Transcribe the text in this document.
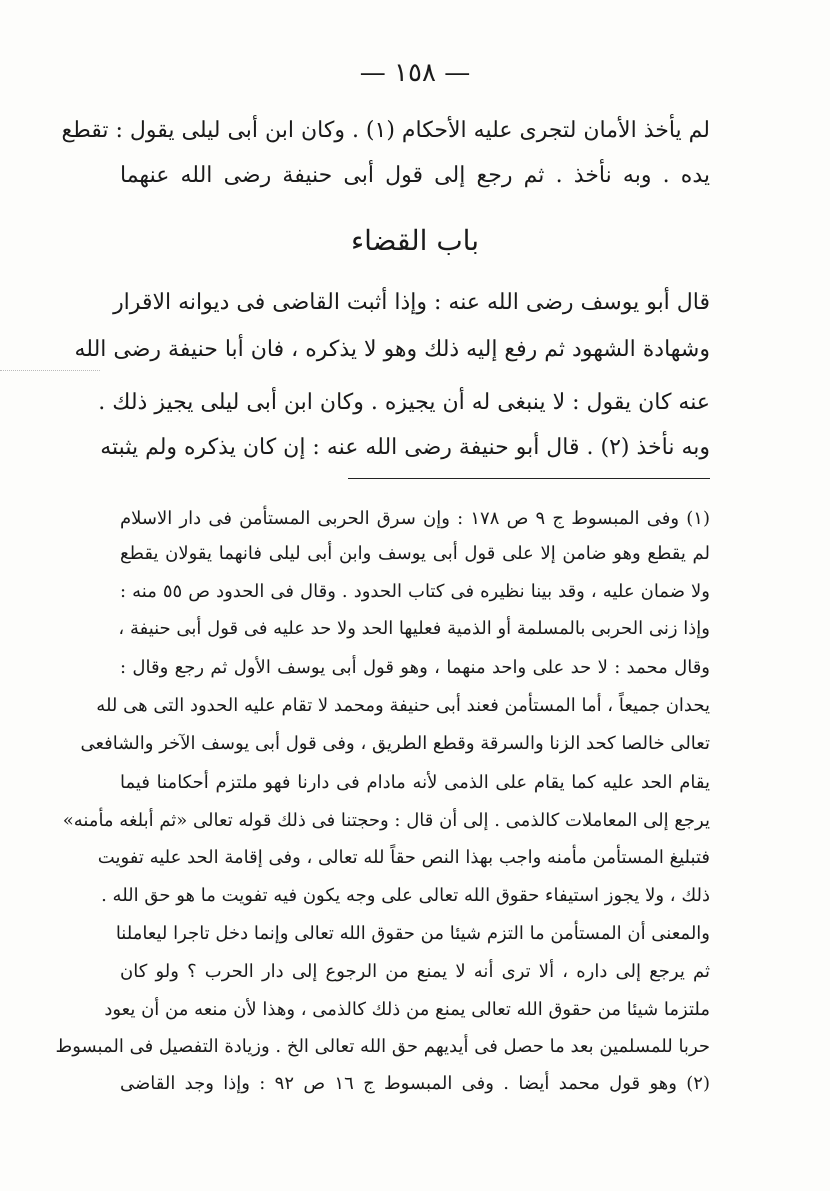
— ١٥٨ —
لم يأخذ الأمان لتجرى عليه الأحكام (١) . وكان ابن أبى ليلى يقول : تقطع
يده . وبه نأخذ . ثم رجع إلى قول أبى حنيفة رضى الله عنهما
باب القضاء
قال أبو يوسف رضى الله عنه : وإذا أثبت القاضى فى ديوانه الاقرار
وشهادة الشهود ثم رفع إليه ذلك وهو لا يذكره ، فان أبا حنيفة رضى الله
عنه كان يقول : لا ينبغى له أن يجيزه . وكان ابن أبى ليلى يجيز ذلك .
وبه نأخذ (٢) . قال أبو حنيفة رضى الله عنه : إن كان يذكره ولم يثبته
(١) وفى المبسوط ج ٩ ص ١٧٨ : وإن سرق الحربى المستأمن فى دار الاسلام
لم يقطع وهو ضامن إلا على قول أبى يوسف وابن أبى ليلى فانهما يقولان يقطع
ولا ضمان عليه ، وقد بينا نظيره فى كتاب الحدود . وقال فى الحدود ص ٥٥ منه :
وإذا زنى الحربى بالمسلمة أو الذمية فعليها الحد ولا حد عليه فى قول أبى حنيفة ،
وقال محمد : لا حد على واحد منهما ، وهو قول أبى يوسف الأول ثم رجع وقال :
يحدان جميعاً ، أما المستأمن فعند أبى حنيفة ومحمد لا تقام عليه الحدود التى هى لله
تعالى خالصا كحد الزنا والسرقة وقطع الطريق ، وفى قول أبى يوسف الآخر والشافعى
يقام الحد عليه كما يقام على الذمى لأنه مادام فى دارنا فهو ملتزم أحكامنا فيما
يرجع إلى المعاملات كالذمى . إلى أن قال : وحجتنا فى ذلك قوله تعالى «ثم أبلغه مأمنه»
فتبليغ المستأمن مأمنه واجب بهذا النص حقاً لله تعالى ، وفى إقامة الحد عليه تفويت
ذلك ، ولا يجوز استيفاء حقوق الله تعالى على وجه يكون فيه تفويت ما هو حق الله .
والمعنى أن المستأمن ما التزم شيئا من حقوق الله تعالى وإنما دخل تاجرا ليعاملنا
ثم يرجع إلى داره ، ألا ترى أنه لا يمنع من الرجوع إلى دار الحرب ؟ ولو كان
ملتزما شيئا من حقوق الله تعالى يمنع من ذلك كالذمى ، وهذا لأن منعه من أن يعود
حربا للمسلمين بعد ما حصل فى أيديهم حق الله تعالى الخ . وزيادة التفصيل فى المبسوط
(٢) وهو قول محمد أيضا . وفى المبسوط ج ١٦ ص ٩٢ : وإذا وجد القاضى
